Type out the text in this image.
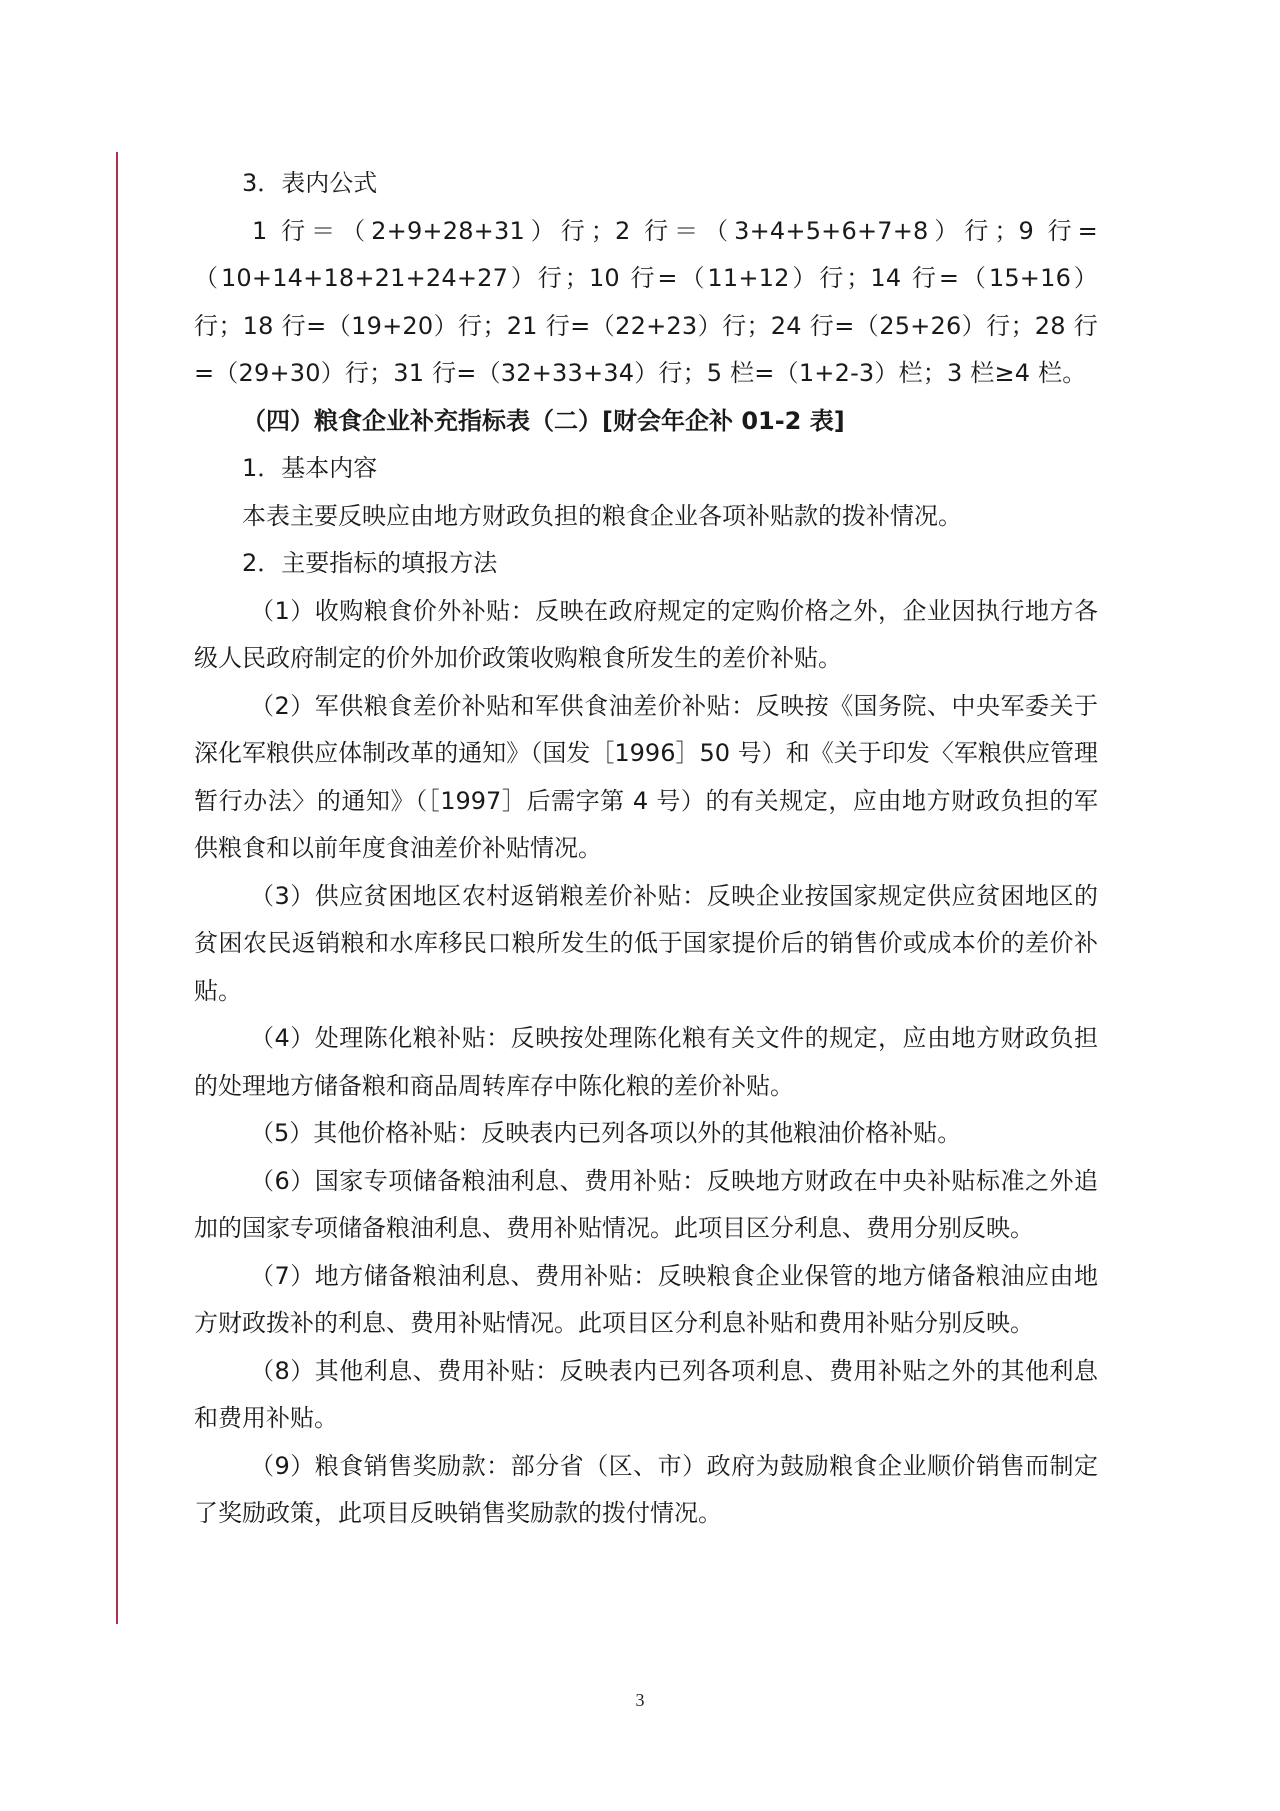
3．表内公式

1 行＝（2+9+28+31）行；2 行＝（3+4+5+6+7+8）行；9 行=（10+14+18+21+24+27）行；10 行=（11+12）行；14 行=（15+16）行；18 行=（19+20）行；21 行=（22+23）行；24 行=（25+26）行；28 行=（29+30）行；31 行=（32+33+34）行；5 栏=（1+2-3）栏；3 栏≥4 栏。

（四）粮食企业补充指标表（二）[财会年企补 01-2 表]

1．基本内容

本表主要反映应由地方财政负担的粮食企业各项补贴款的拨补情况。

2．主要指标的填报方法

（1）收购粮食价外补贴：反映在政府规定的定购价格之外，企业因执行地方各级人民政府制定的价外加价政策收购粮食所发生的差价补贴。

（2）军供粮食差价补贴和军供食油差价补贴：反映按《国务院、中央军委关于深化军粮供应体制改革的通知》（国发［1996］50 号）和《关于印发〈军粮供应管理暂行办法〉的通知》（［1997］后需字第 4 号）的有关规定，应由地方财政负担的军供粮食和以前年度食油差价补贴情况。

（3）供应贫困地区农村返销粮差价补贴：反映企业按国家规定供应贫困地区的贫困农民返销粮和水库移民口粮所发生的低于国家提价后的销售价或成本价的差价补贴。

（4）处理陈化粮补贴：反映按处理陈化粮有关文件的规定，应由地方财政负担的处理地方储备粮和商品周转库存中陈化粮的差价补贴。

（5）其他价格补贴：反映表内已列各项以外的其他粮油价格补贴。

（6）国家专项储备粮油利息、费用补贴：反映地方财政在中央补贴标准之外追加的国家专项储备粮油利息、费用补贴情况。此项目区分利息、费用分别反映。

（7）地方储备粮油利息、费用补贴：反映粮食企业保管的地方储备粮油应由地方财政拨补的利息、费用补贴情况。此项目区分利息补贴和费用补贴分别反映。

（8）其他利息、费用补贴：反映表内已列各项利息、费用补贴之外的其他利息和费用补贴。

（9）粮食销售奖励款：部分省（区、市）政府为鼓励粮食企业顺价销售而制定了奖励政策，此项目反映销售奖励款的拨付情况。

3
